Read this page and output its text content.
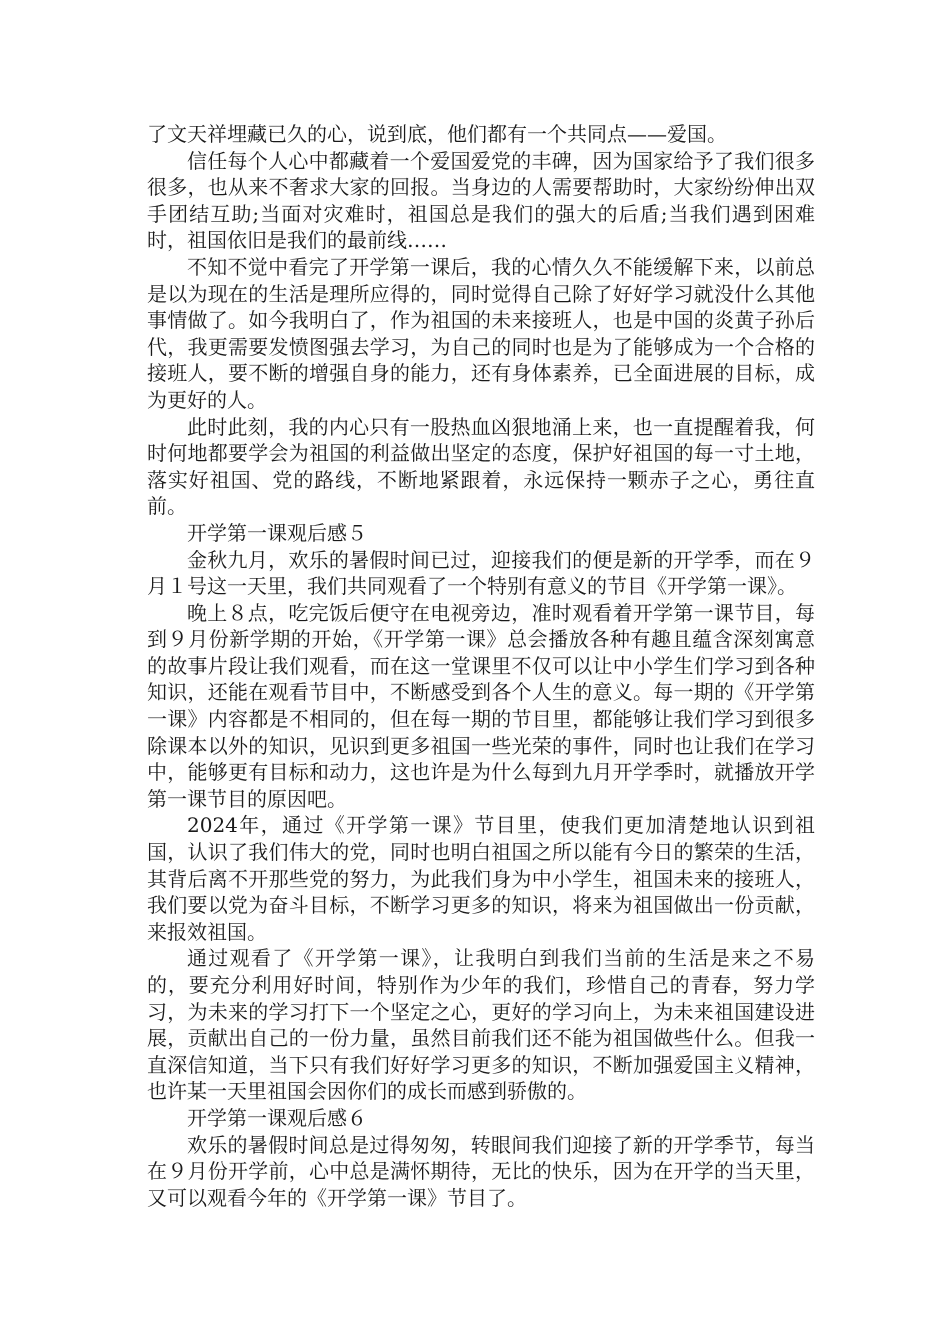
了文天祥埋藏已久的心，说到底，他们都有一个共同点——爱国。

信任每个人心中都藏着一个爱国爱党的丰碑，因为国家给予了我们很多很多，也从来不奢求大家的回报。当身边的人需要帮助时，大家纷纷伸出双手团结互助;当面对灾难时，祖国总是我们的强大的后盾;当我们遇到困难时，祖国依旧是我们的最前线……

不知不觉中看完了开学第一课后，我的心情久久不能缓解下来，以前总是以为现在的生活是理所应得的，同时觉得自己除了好好学习就没什么其他事情做了。如今我明白了，作为祖国的未来接班人，也是中国的炎黄子孙后代，我更需要发愤图强去学习，为自己的同时也是为了能够成为一个合格的接班人，要不断的增强自身的能力，还有身体素养，已全面进展的目标，成为更好的人。

此时此刻，我的内心只有一股热血凶狠地涌上来，也一直提醒着我，何时何地都要学会为祖国的利益做出坚定的态度，保护好祖国的每一寸土地，落实好祖国、党的路线，不断地紧跟着，永远保持一颗赤子之心，勇往直前。

开学第一课观后感５

金秋九月，欢乐的暑假时间已过，迎接我们的便是新的开学季，而在９月１号这一天里，我们共同观看了一个特别有意义的节目《开学第一课》。

晚上８点，吃完饭后便守在电视旁边，准时观看着开学第一课节目，每到９月份新学期的开始，《开学第一课》总会播放各种有趣且蕴含深刻寓意的故事片段让我们观看，而在这一堂课里不仅可以让中小学生们学习到各种知识，还能在观看节目中，不断感受到各个人生的意义。每一期的《开学第一课》内容都是不相同的，但在每一期的节目里，都能够让我们学习到很多除课本以外的知识，见识到更多祖国一些光荣的事件，同时也让我们在学习中，能够更有目标和动力，这也许是为什么每到九月开学季时，就播放开学第一课节目的原因吧。

2024年，通过《开学第一课》节目里，使我们更加清楚地认识到祖国，认识了我们伟大的党，同时也明白祖国之所以能有今日的繁荣的生活，其背后离不开那些党的努力，为此我们身为中小学生，祖国未来的接班人，我们要以党为奋斗目标，不断学习更多的知识，将来为祖国做出一份贡献，来报效祖国。

通过观看了《开学第一课》，让我明白到我们当前的生活是来之不易的，要充分利用好时间，特别作为少年的我们，珍惜自己的青春，努力学习，为未来的学习打下一个坚定之心，更好的学习向上，为未来祖国建设进展，贡献出自己的一份力量，虽然目前我们还不能为祖国做些什么。但我一直深信知道，当下只有我们好好学习更多的知识，不断加强爱国主义精神，也许某一天里祖国会因你们的成长而感到骄傲的。

开学第一课观后感６

欢乐的暑假时间总是过得匆匆，转眼间我们迎接了新的开学季节，每当在９月份开学前，心中总是满怀期待，无比的快乐，因为在开学的当天里，又可以观看今年的《开学第一课》节目了。
